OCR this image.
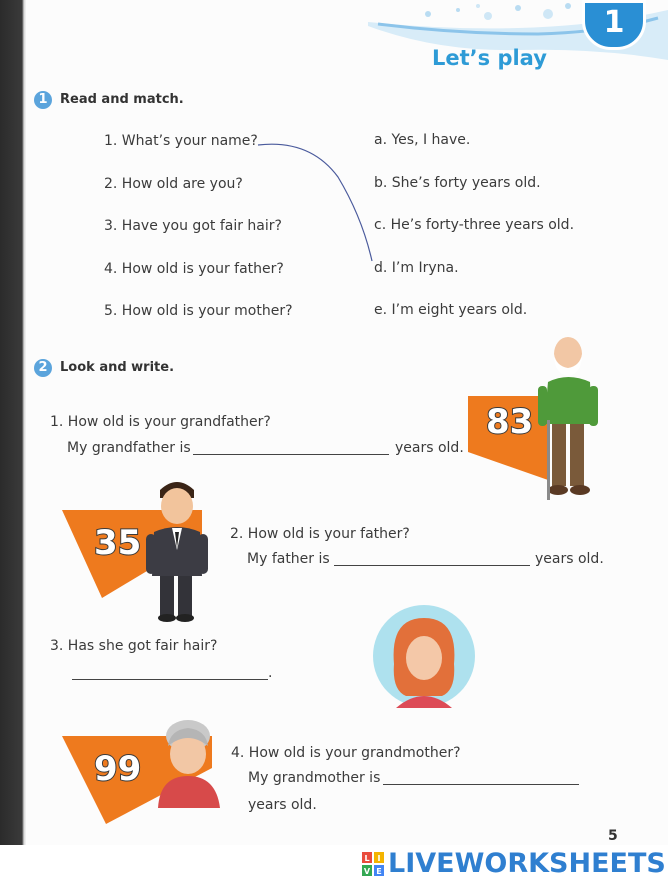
1
Let’s play
1 Read and match.
1. What’s your name?
2. How old are you?
3. Have you got fair hair?
4. How old is your father?
5. How old is your mother?
a. Yes, I have.
b. She’s forty years old.
c. He’s forty-three years old.
d. I’m Iryna.
e. I’m eight years old.
2 Look and write.
1. How old is your grandfather?
My grandfather is	years old.
83
35	2. How old is your father?
My father is	years old.
3. Has she got fair hair?
.
99	4. How old is your grandmother?
My grandmother is
years old.
5
L I
V E LIVEWORKSHEETS
